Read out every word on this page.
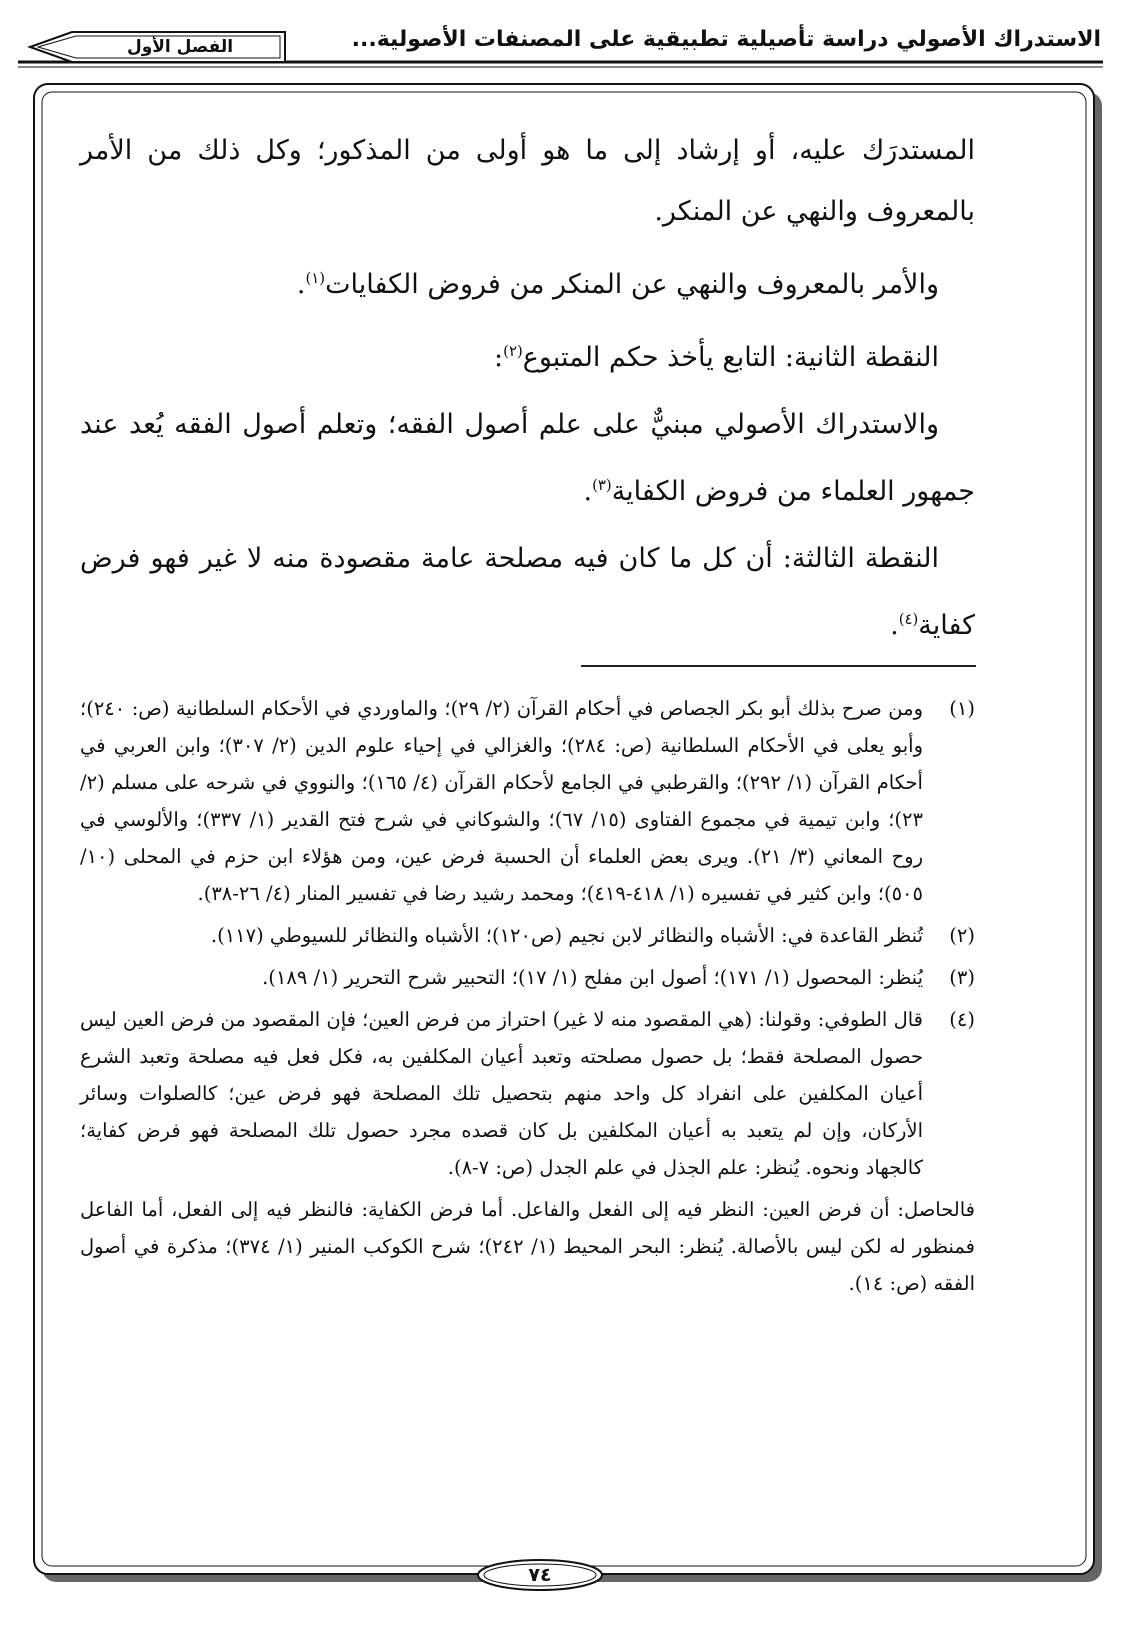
الاستدراك الأصولي دراسة تأصيلية تطبيقية على المصنفات الأصولية...
الفصل الأول

المستدرَك عليه، أو إرشاد إلى ما هو أولى من المذكور؛ وكل ذلك من الأمر بالمعروف والنهي عن المنكر.

والأمر بالمعروف والنهي عن المنكر من فروض الكفايات$^{(١)}$.

النقطة الثانية: التابع يأخذ حكم المتبوع$^{(٢)}$:

والاستدراك الأصولي مبنيٌّ على علم أصول الفقه؛ وتعلم أصول الفقه يُعد عند جمهور العلماء من فروض الكفاية$^{(٣)}$.

النقطة الثالثة: أن كل ما كان فيه مصلحة عامة مقصودة منه لا غير فهو فرض كفاية$^{(٤)}$.

(١)
ومن صرح بذلك أبو بكر الجصاص في أحكام القرآن (٢/ ٢٩)؛ والماوردي في الأحكام السلطانية (ص: ٢٤٠)؛ وأبو يعلى في الأحكام السلطانية (ص: ٢٨٤)؛ والغزالي في إحياء علوم الدين (٢/ ٣٠٧)؛ وابن العربي في أحكام القرآن (١/ ٢٩٢)؛ والقرطبي في الجامع لأحكام القرآن (٤/ ١٦٥)؛ والنووي في شرحه على مسلم (٢/ ٢٣)؛ وابن تيمية في مجموع الفتاوى (١٥/ ٦٧)؛ والشوكاني في شرح فتح القدير (١/ ٣٣٧)؛ والألوسي في روح المعاني (٣/ ٢١). ويرى بعض العلماء أن الحسبة فرض عين، ومن هؤلاء ابن حزم في المحلى (١٠/ ٥٠٥)؛ وابن كثير في تفسيره (١/ ٤١٨-٤١٩)؛ ومحمد رشيد رضا في تفسير المنار (٤/ ٢٦-٣٨).
(٢)
تُنظر القاعدة في: الأشباه والنظائر لابن نجيم (ص١٢٠)؛ الأشباه والنظائر للسيوطي (١١٧).
(٣)
يُنظر: المحصول (١/ ١٧١)؛ أصول ابن مفلح (١/ ١٧)؛ التحبير شرح التحرير (١/ ١٨٩).
(٤)
قال الطوفي: وقولنا: (هي المقصود منه لا غير) احتراز من فرض العين؛ فإن المقصود من فرض العين ليس حصول المصلحة فقط؛ بل حصول مصلحته وتعبد أعيان المكلفين به، فكل فعل فيه مصلحة وتعبد الشرع أعيان المكلفين على انفراد كل واحد منهم بتحصيل تلك المصلحة فهو فرض عين؛ كالصلوات وسائر الأركان، وإن لم يتعبد به أعيان المكلفين بل كان قصده مجرد حصول تلك المصلحة فهو فرض كفاية؛ كالجهاد ونحوه. يُنظر: علم الجذل في علم الجدل (ص: ٧-٨).
فالحاصل: أن فرض العين: النظر فيه إلى الفعل والفاعل. أما فرض الكفاية: فالنظر فيه إلى الفعل، أما الفاعل فمنظور له لكن ليس بالأصالة. يُنظر: البحر المحيط (١/ ٢٤٢)؛ شرح الكوكب المنير (١/ ٣٧٤)؛ مذكرة في أصول الفقه (ص: ١٤).
٧٤
